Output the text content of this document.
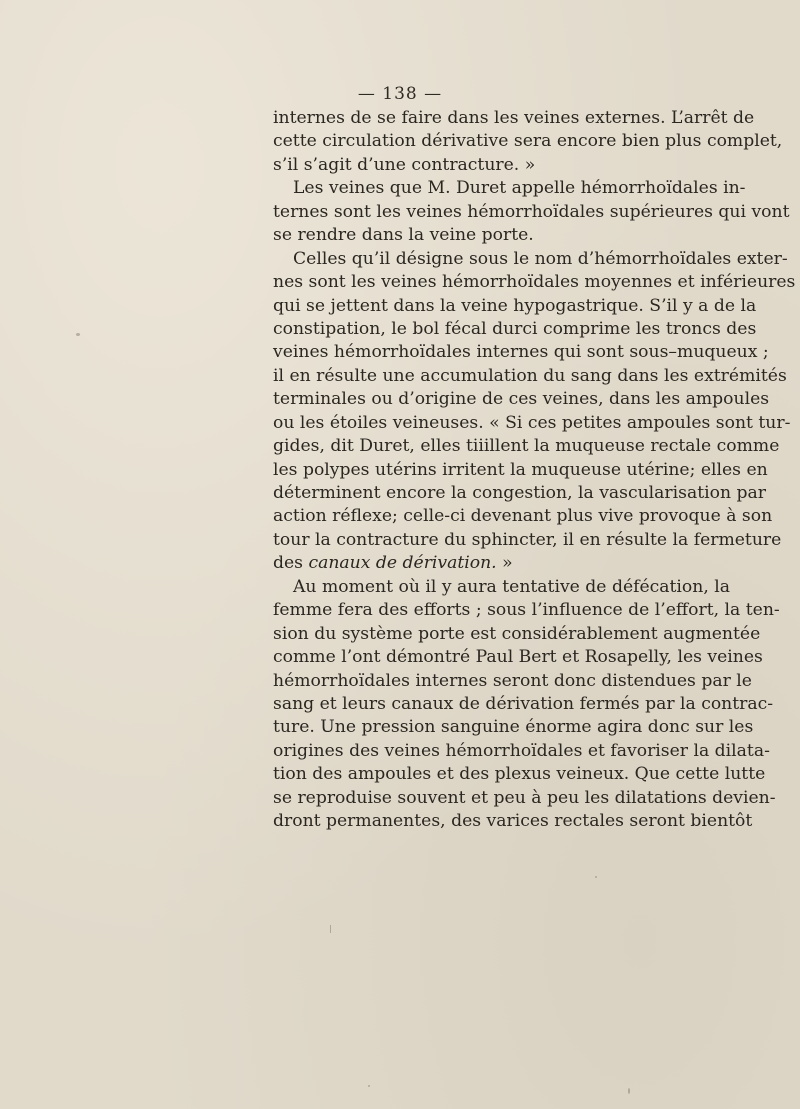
— 138 —
internes de se faire dans les veines externes. L’arrêt de
cette circulation dérivative sera encore bien plus complet,
s’il s’agit d’une contracture. »
Les veines que M. Duret appelle hémorrhoïdales in-
ternes sont les veines hémorrhoïdales supérieures qui vont
se rendre dans la veine porte.
Celles qu’il désigne sous le nom d’hémorrhoïdales exter-
nes sont les veines hémorrhoïdales moyennes et inférieures
qui se jettent dans la veine hypogastrique. S’il y a de la
constipation, le bol fécal durci comprime les troncs des
veines hémorrhoïdales internes qui sont sous–muqueux ;
il en résulte une accumulation du sang dans les extrémités
terminales ou d’origine de ces veines, dans les ampoules
ou les étoiles veineuses. « Si ces petites ampoules sont tur-
gides, dit Duret, elles tiiillent la muqueuse rectale comme
les polypes utérins irritent la muqueuse utérine; elles en
déterminent encore la congestion, la vascularisation par
action réflexe; celle-ci devenant plus vive provoque à son
tour la contracture du sphincter, il en résulte la fermeture
des canaux de dérivation. »
Au moment où il y aura tentative de défécation, la
femme fera des efforts ; sous l’influence de l’effort, la ten-
sion du système porte est considérablement augmentée
comme l’ont démontré Paul Bert et Rosapelly, les veines
hémorrhoïdales internes seront donc distendues par le
sang et leurs canaux de dérivation fermés par la contrac-
ture. Une pression sanguine énorme agira donc sur les
origines des veines hémorrhoïdales et favoriser la dilata-
tion des ampoules et des plexus veineux. Que cette lutte
se reproduise souvent et peu à peu les dilatations devien-
dront permanentes, des varices rectales seront bientôt
